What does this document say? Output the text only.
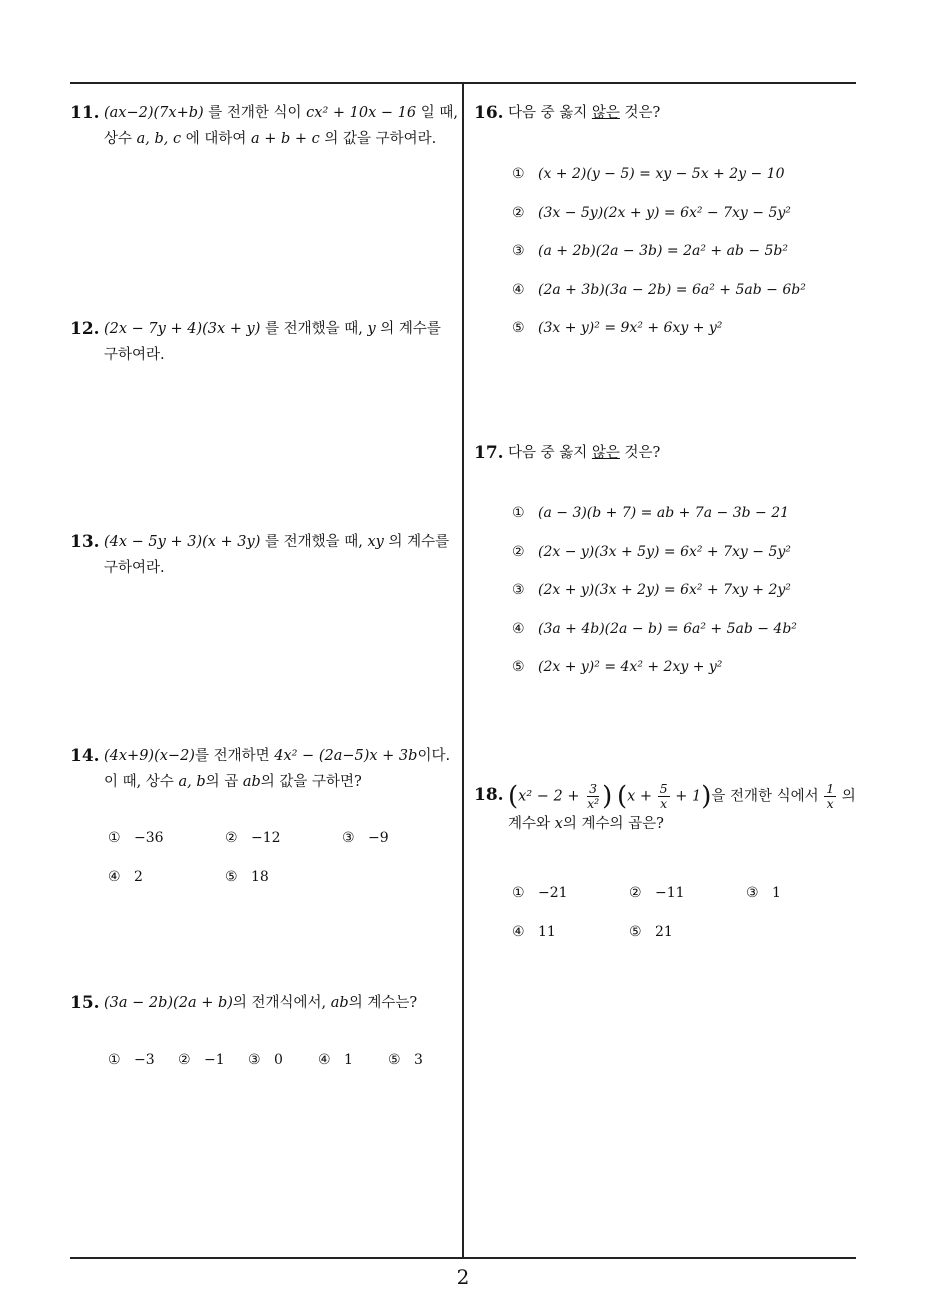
11. (ax−2)(7x+b) 를 전개한 식이 cx² + 10x − 16 일 때,
상수 a, b, c 에 대하여 a + b + c 의 값을 구하여라.
12. (2x − 7y + 4)(3x + y) 를 전개했을 때, y 의 계수를
구하여라.
13. (4x − 5y + 3)(x + 3y) 를 전개했을 때, xy 의 계수를
구하여라.
14. (4x+9)(x−2)를 전개하면 4x² − (2a−5)x + 3b이다.
이 때, 상수 a, b의 곱 ab의 값을 구하면?
① −36	② −12	③ −9
④ 2	⑤ 18
15. (3a − 2b)(2a + b)의 전개식에서, ab의 계수는?
① −3	② −1	③ 0	④ 1	⑤ 3
16. 다음 중 옳지 않은 것은?
① (x + 2)(y − 5) = xy − 5x + 2y − 10
② (3x − 5y)(2x + y) = 6x² − 7xy − 5y²
③ (a + 2b)(2a − 3b) = 2a² + ab − 5b²
④ (2a + 3b)(3a − 2b) = 6a² + 5ab − 6b²
⑤ (3x + y)² = 9x² + 6xy + y²
17. 다음 중 옳지 않은 것은?
① (a − 3)(b + 7) = ab + 7a − 3b − 21
② (2x − y)(3x + 5y) = 6x² + 7xy − 5y²
③ (2x + y)(3x + 2y) = 6x² + 7xy + 2y²
④ (3a + 4b)(2a − b) = 6a² + 5ab − 4b²
⑤ (2x + y)² = 4x² + 2xy + y²
18. ($x^2 - 2 + \frac{3}{\text{x²}}$ ) $(x + \frac{5}{x} + 1)$을 전개한 식에서 $\frac{1}{x}$ 의
계수와 x의 계수의 곱은?
① −21	② −11	③ 1
④ 11	⑤ 21
2
